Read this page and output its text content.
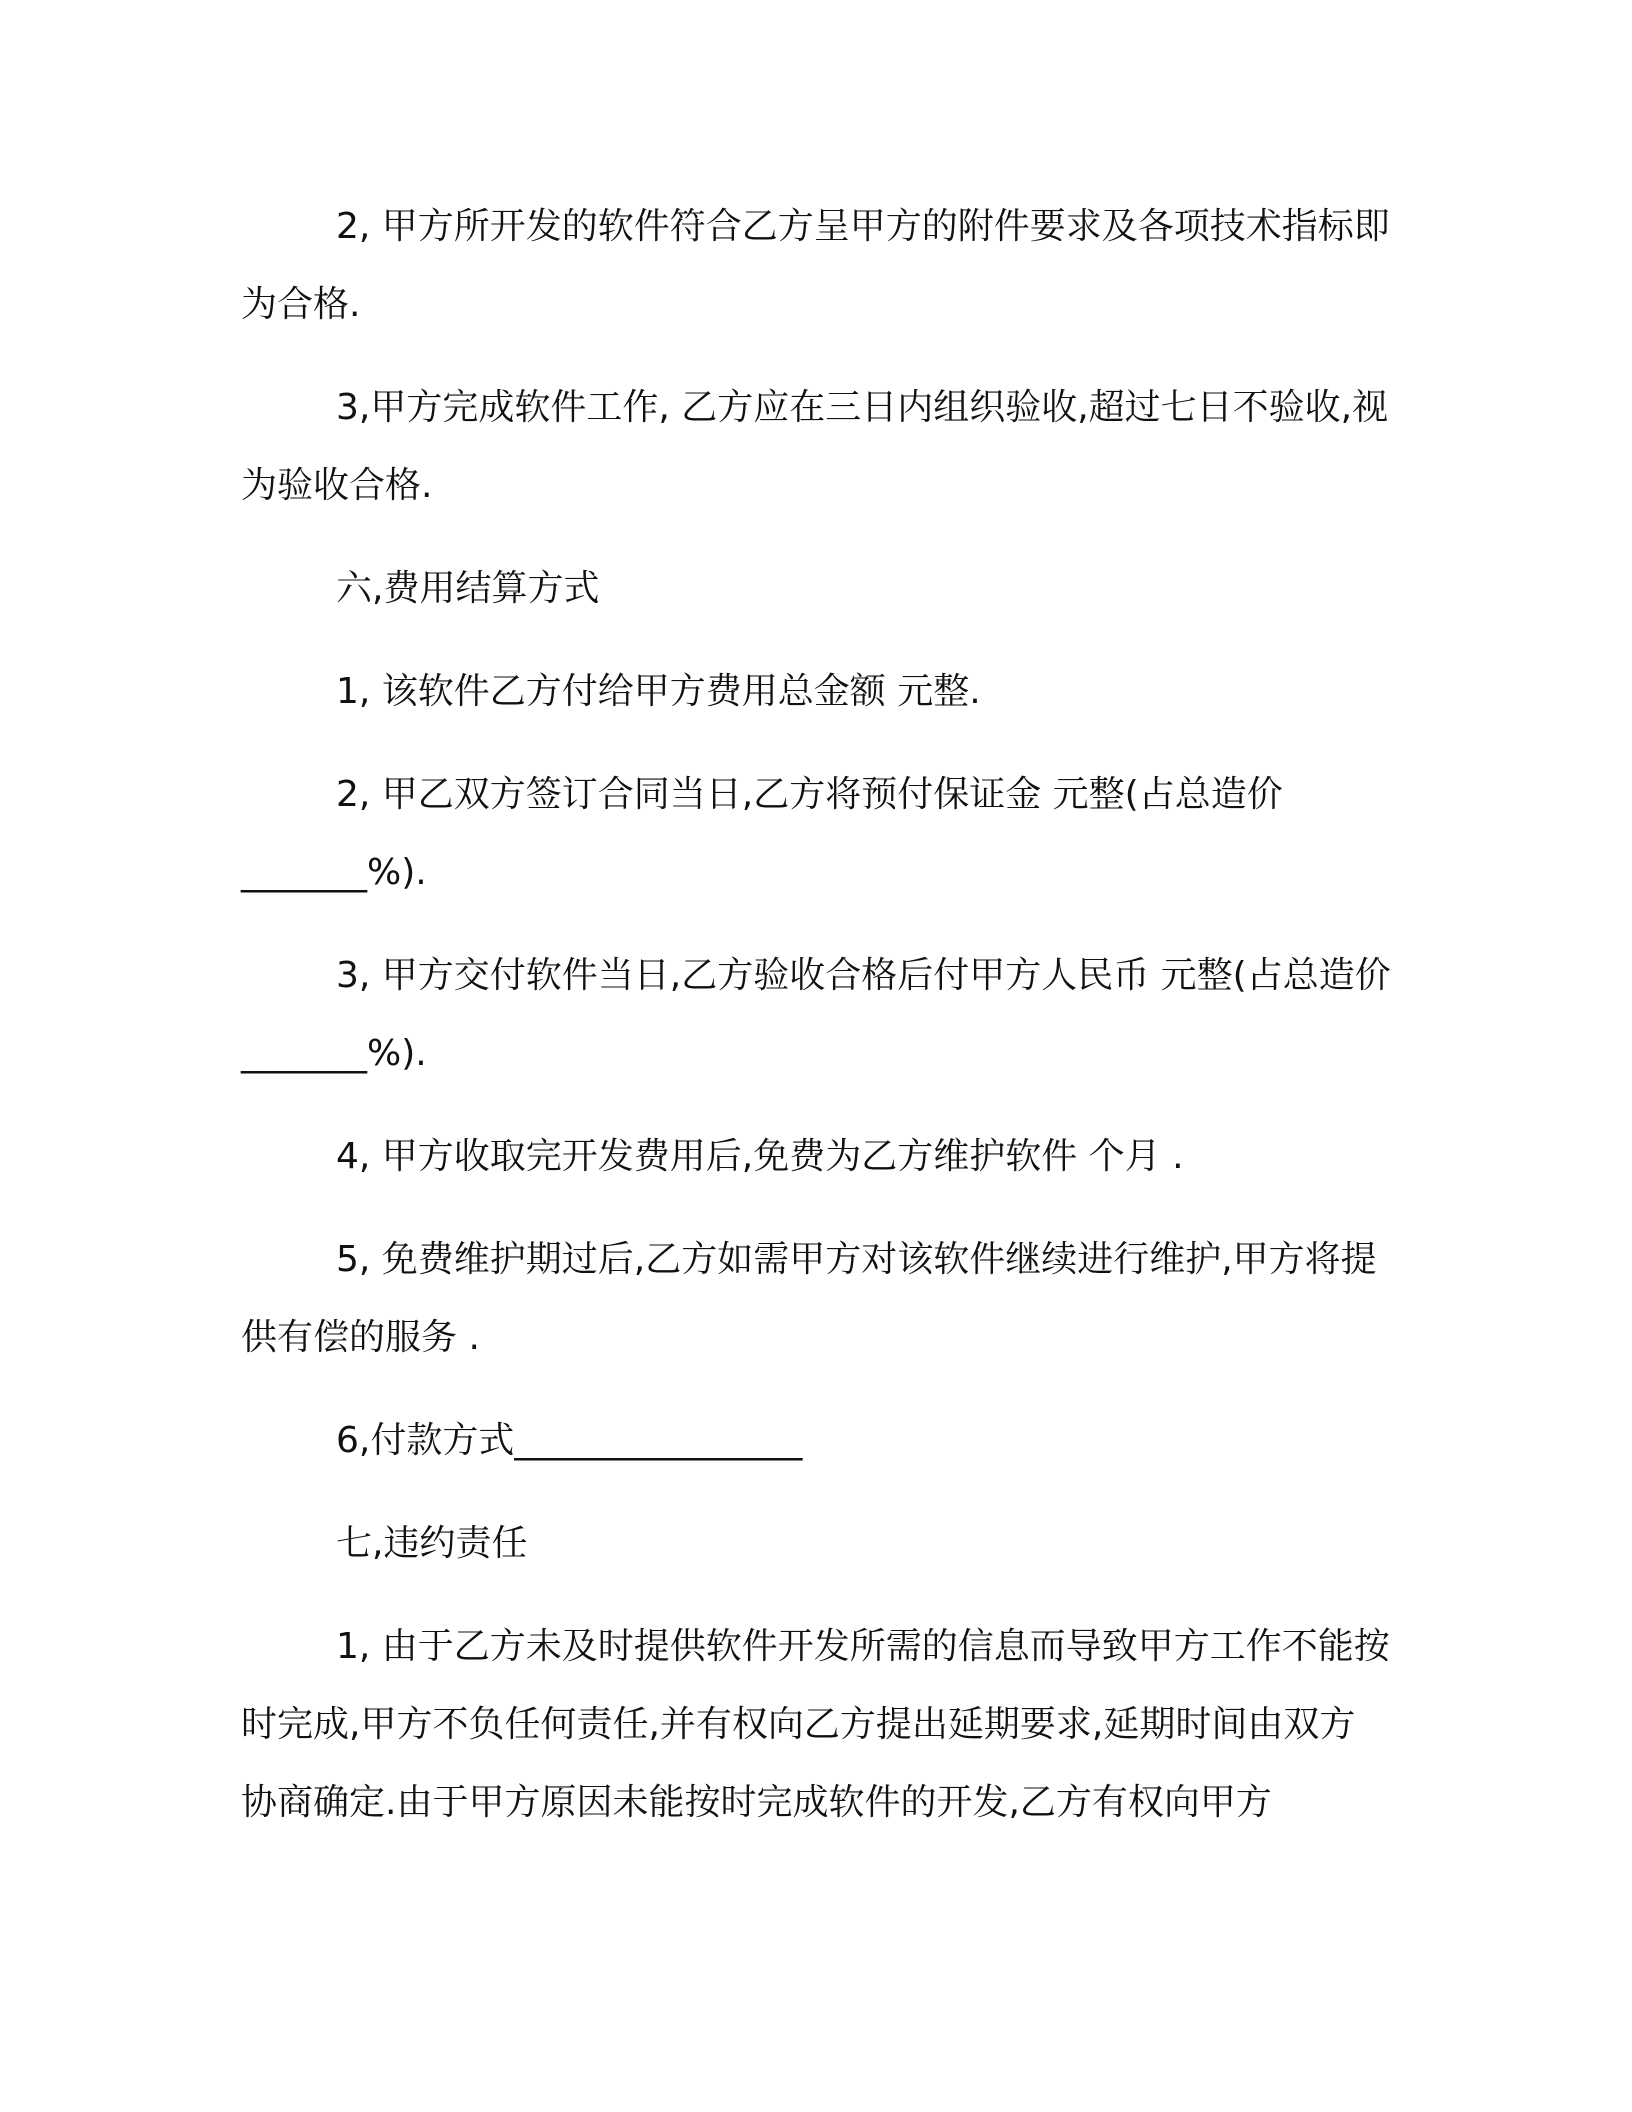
2, 甲方所开发的软件符合乙方呈甲方的附件要求及各项技术指标即为合格.

3,甲方完成软件工作, 乙方应在三日内组织验收,超过七日不验收,视为验收合格.

六,费用结算方式

1, 该软件乙方付给甲方费用总金额 元整.

2, 甲乙双方签订合同当日,乙方将预付保证金 元整(占总造价 _______%).

3, 甲方交付软件当日,乙方验收合格后付甲方人民币 元整(占总造价_______%).

4, 甲方收取完开发费用后,免费为乙方维护软件 个月 .

5, 免费维护期过后,乙方如需甲方对该软件继续进行维护,甲方将提供有偿的服务 .

6,付款方式________________

七,违约责任

1, 由于乙方未及时提供软件开发所需的信息而导致甲方工作不能按时完成,甲方不负任何责任,并有权向乙方提出延期要求,延期时间由双方协商确定.由于甲方原因未能按时完成软件的开发,乙方有权向甲方
